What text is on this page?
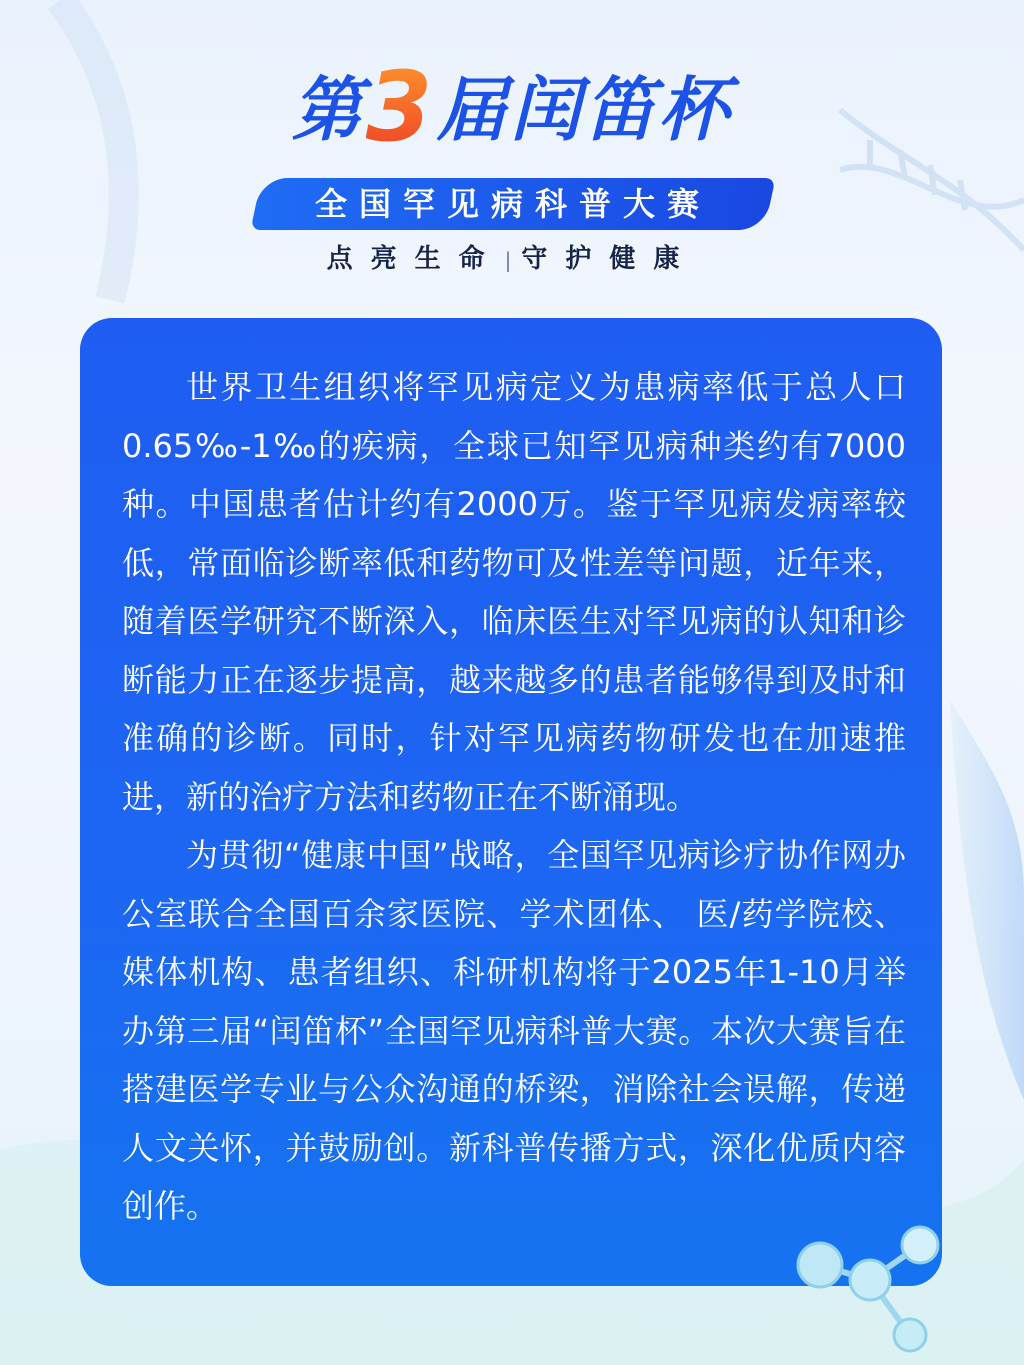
第3届闰笛杯
全国罕见病科普大赛
点亮生命 | 守护健康

世界卫生组织将罕见病定义为患病率低于总人口0.65‰-1‰的疾病，全球已知罕见病种类约有7000种。中国患者估计约有2000万。鉴于罕见病发病率较低，常面临诊断率低和药物可及性差等问题，近年来，随着医学研究不断深入，临床医生对罕见病的认知和诊断能力正在逐步提高，越来越多的患者能够得到及时和准确的诊断。同时，针对罕见病药物研发也在加速推进，新的治疗方法和药物正在不断涌现。

为贯彻“健康中国”战略，全国罕见病诊疗协作网办公室联合全国百余家医院、学术团体、 医/药学院校、媒体机构、患者组织、科研机构将于2025年1-10月举办第三届“闰笛杯”全国罕见病科普大赛。本次大赛旨在搭建医学专业与公众沟通的桥梁，消除社会误解，传递人文关怀，并鼓励创。新科普传播方式，深化优质内容创作。
